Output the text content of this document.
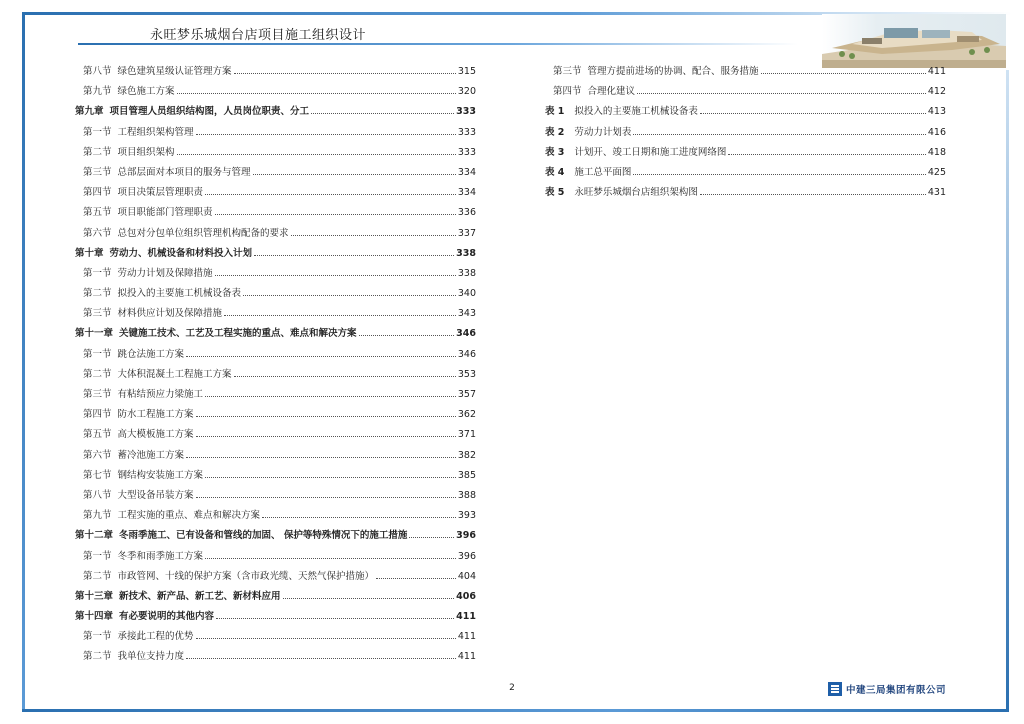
永旺梦乐城烟台店项目施工组织设计
第八节 绿色建筑星级认证管理方案	315
第九节 绿色施工方案	320
第九章 项目管理人员组织结构图，人员岗位职责、分工	333
第一节 工程组织架构管理	333
第二节 项目组织架构	333
第三节 总部层面对本项目的服务与管理	334
第四节 项目决策层管理职责	334
第五节 项目职能部门管理职责	336
第六节 总包对分包单位组织管理机构配备的要求	337
第十章 劳动力、机械设备和材料投入计划	338
第一节 劳动力计划及保障措施	338
第二节 拟投入的主要施工机械设备表	340
第三节 材料供应计划及保障措施	343
第十一章 关键施工技术、工艺及工程实施的重点、难点和解决方案	346
第一节 跳仓法施工方案	346
第二节 大体积混凝土工程施工方案	353
第三节 有粘结预应力梁施工	357
第四节 防水工程施工方案	362
第五节 高大模板施工方案	371
第六节 蓄冷池施工方案	382
第七节 钢结构安装施工方案	385
第八节 大型设备吊装方案	388
第九节 工程实施的重点、难点和解决方案	393
第十二章 冬雨季施工、已有设备和管线的加固、 保护等特殊情况下的施工措施	396
第一节 冬季和雨季施工方案	396
第二节 市政管网、十线的保护方案（含市政光缆、天然气保护措施）	404
第十三章 新技术、新产品、新工艺、新材料应用	406
第十四章 有必要说明的其他内容	411
第一节 承接此工程的优势	411
第二节 我单位支持力度	411
第三节 管理方提前进场的协调、配合、服务措施	411
第四节 合理化建议	412
表 1 拟投入的主要施工机械设备表	413
表 2 劳动力计划表	416
表 3 计划开、竣工日期和施工进度网络图	418
表 4 施工总平面图	425
表 5 永旺梦乐城烟台店组织架构图	431
2	中建三局集团有限公司
